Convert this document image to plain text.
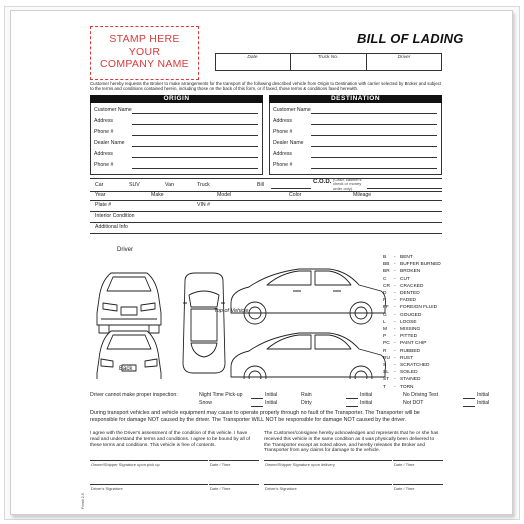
STAMP HERE
YOUR
COMPANY NAME
BILL OF LADING
Date	Truck No.	Driver
Customer hereby requests the Broker to make arrangements for the transport of the following described vehicle from Origin to Destination with carrier selected by Broker and subject to the terms and conditions contained herein, including those on the back of this form, or if faxed, those terms & conditions faxed herewith.
ORIGIN
Customer Name
Address
Phone #
Dealer Name
Address
Phone #
DESTINATION
Customer Name
Address
Phone #
Dealer Name
Address
Phone #
Car	SUV	Van	Truck	Bill	C.O.D. (Cash, cashier's check or money order only)
Year	Make	Model	Color	Mileage
Plate #	VIN #
Interior Condition
Additional Info
Driver
Back
Top of Vehicle
B - BENT
BB - BUFFER BURNED
BR - BROKEN
C - CUT
CR - CRACKED
D - DENTED
F - FADED
FF - FOREIGN FLUID
G - GOUGED
L - LOOSE
M - MISSING
P - PITTED
PC - PAINT CHIP
R - RUBBED
RU - RUST
S - SCRATCHED
SL - SOILED
ST - STAINED
T - TORN
Driver cannot make proper inspection:	Night Time Pick-up	Initial	Rain	Initial	No Driving Test	Initial
Snow	Initial	Dirty	Initial	Not DOT	Initial
During transport vehicles and vehicle equipment may cause to operate properly through no fault of the Transporter. The Transporter will be responsible for damage NOT caused by the driver. The Transporter WILL NOT be responsible for damage NOT caused by the driver.
I agree with the Driver's assessment of the condition of this vehicle. I have read and understand the terms and conditions. I agree to be bound by all of these terms and conditions. This vehicle is free of contents.
The Customer/consignee hereby acknowledges and represents that he or she has received this vehicle in the same condition as it was physically been delivered to the Transporter except as noted above, and hereby releases the Broker and Transporter from any claims for damage to the vehicle.
Owner/Shipper Signature upon pick up	Date / Time	Owner/Shipper Signature upon delivery	Date / Time
Driver's Signature	Date / Time	Driver's Signature	Date / Time
Form# 2-5
